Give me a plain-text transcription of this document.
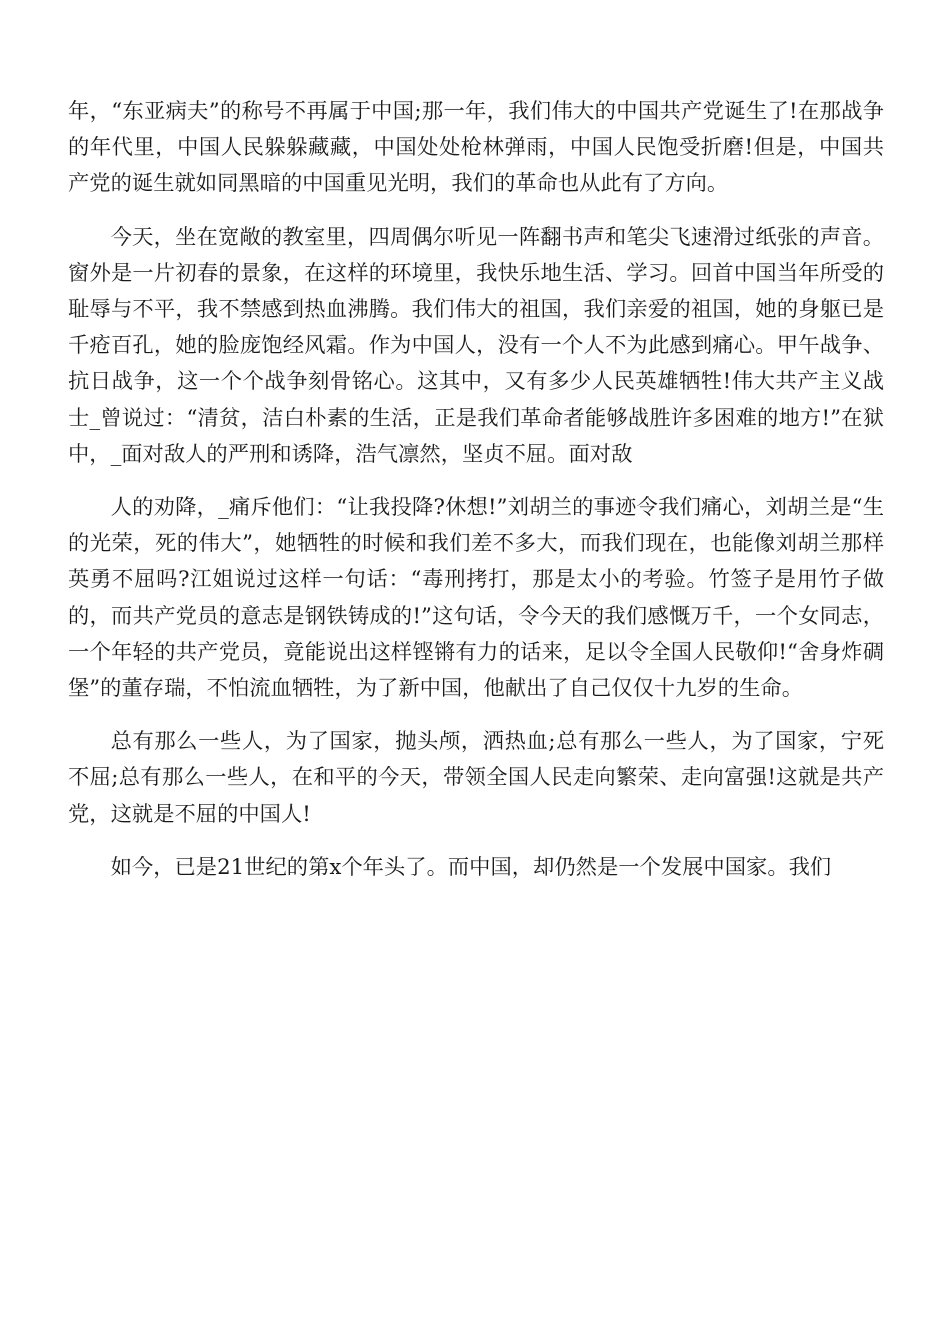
年，“东亚病夫”的称号不再属于中国;那一年，我们伟大的中国共产党诞生了!在那战争的年代里，中国人民躲躲藏藏，中国处处枪林弹雨，中国人民饱受折磨!但是，中国共产党的诞生就如同黑暗的中国重见光明，我们的革命也从此有了方向。

今天，坐在宽敞的教室里，四周偶尔听见一阵翻书声和笔尖飞速滑过纸张的声音。窗外是一片初春的景象，在这样的环境里，我快乐地生活、学习。回首中国当年所受的耻辱与不平，我不禁感到热血沸腾。我们伟大的祖国，我们亲爱的祖国，她的身躯已是千疮百孔，她的脸庞饱经风霜。作为中国人，没有一个人不为此感到痛心。甲午战争、抗日战争，这一个个战争刻骨铭心。这其中，又有多少人民英雄牺牲!伟大共产主义战士_曾说过：“清贫，洁白朴素的生活，正是我们革命者能够战胜许多困难的地方!”在狱中，_面对敌人的严刑和诱降，浩气凛然，坚贞不屈。面对敌

人的劝降，_痛斥他们：“让我投降?休想!”刘胡兰的事迹令我们痛心，刘胡兰是“生的光荣，死的伟大”，她牺牲的时候和我们差不多大，而我们现在，也能像刘胡兰那样英勇不屈吗?江姐说过这样一句话：“毒刑拷打，那是太小的考验。竹签子是用竹子做的，而共产党员的意志是钢铁铸成的!”这句话，令今天的我们感慨万千，一个女同志，一个年轻的共产党员，竟能说出这样铿锵有力的话来，足以令全国人民敬仰!“舍身炸碉堡”的董存瑞，不怕流血牺牲，为了新中国，他献出了自己仅仅十九岁的生命。

总有那么一些人，为了国家，抛头颅，洒热血;总有那么一些人，为了国家，宁死不屈;总有那么一些人，在和平的今天，带领全国人民走向繁荣、走向富强!这就是共产党，这就是不屈的中国人!

如今，已是21世纪的第x个年头了。而中国，却仍然是一个发展中国家。我们
